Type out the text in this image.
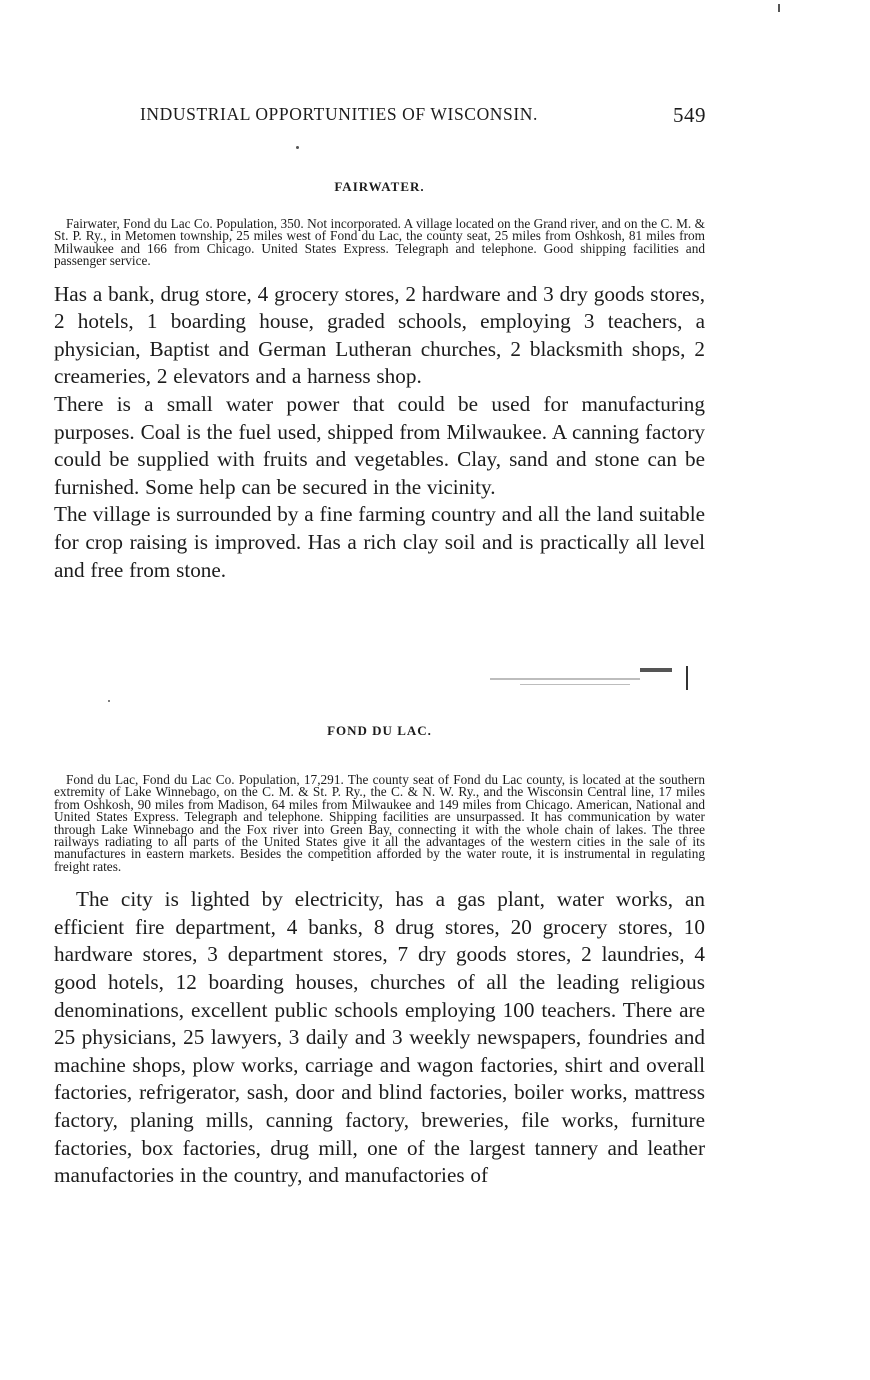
INDUSTRIAL OPPORTUNITIES OF WISCONSIN.	549
FAIRWATER.

Fairwater, Fond du Lac Co. Population, 350. Not incorporated. A village located on the Grand river, and on the C. M. & St. P. Ry., in Metomen township, 25 miles west of Fond du Lac, the county seat, 25 miles from Oshkosh, 81 miles from Milwaukee and 166 from Chicago. United States Express. Telegraph and telephone. Good shipping facilities and passenger service.

Has a bank, drug store, 4 grocery stores, 2 hardware and 3 dry goods stores, 2 hotels, 1 boarding house, graded schools, employing 3 teachers, a physician, Baptist and German Lutheran churches, 2 blacksmith shops, 2 creameries, 2 elevators and a harness shop.

There is a small water power that could be used for manufacturing purposes. Coal is the fuel used, shipped from Milwaukee. A canning factory could be supplied with fruits and vegetables. Clay, sand and stone can be furnished. Some help can be secured in the vicinity.

The village is surrounded by a fine farming country and all the land suitable for crop raising is improved. Has a rich clay soil and is practically all level and free from stone.

FOND DU LAC.

Fond du Lac, Fond du Lac Co. Population, 17,291. The county seat of Fond du Lac county, is located at the southern extremity of Lake Winnebago, on the C. M. & St. P. Ry., the C. & N. W. Ry., and the Wisconsin Central line, 17 miles from Oshkosh, 90 miles from Madison, 64 miles from Milwaukee and 149 miles from Chicago. American, National and United States Express. Telegraph and telephone. Shipping facilities are unsurpassed. It has communication by water through Lake Winnebago and the Fox river into Green Bay, connecting it with the whole chain of lakes. The three railways radiating to all parts of the United States give it all the advantages of the western cities in the sale of its manufactures in eastern markets. Besides the competition afforded by the water route, it is instrumental in regulating freight rates.

The city is lighted by electricity, has a gas plant, water works, an efficient fire department, 4 banks, 8 drug stores, 20 grocery stores, 10 hardware stores, 3 department stores, 7 dry goods stores, 2 laundries, 4 good hotels, 12 boarding houses, churches of all the leading religious denominations, excellent public schools employing 100 teachers. There are 25 physicians, 25 lawyers, 3 daily and 3 weekly newspapers, foundries and machine shops, plow works, carriage and wagon factories, shirt and overall factories, refrigerator, sash, door and blind factories, boiler works, mattress factory, planing mills, canning factory, breweries, file works, furniture factories, box factories, drug mill, one of the largest tannery and leather manufactories in the country, and manufactories of
